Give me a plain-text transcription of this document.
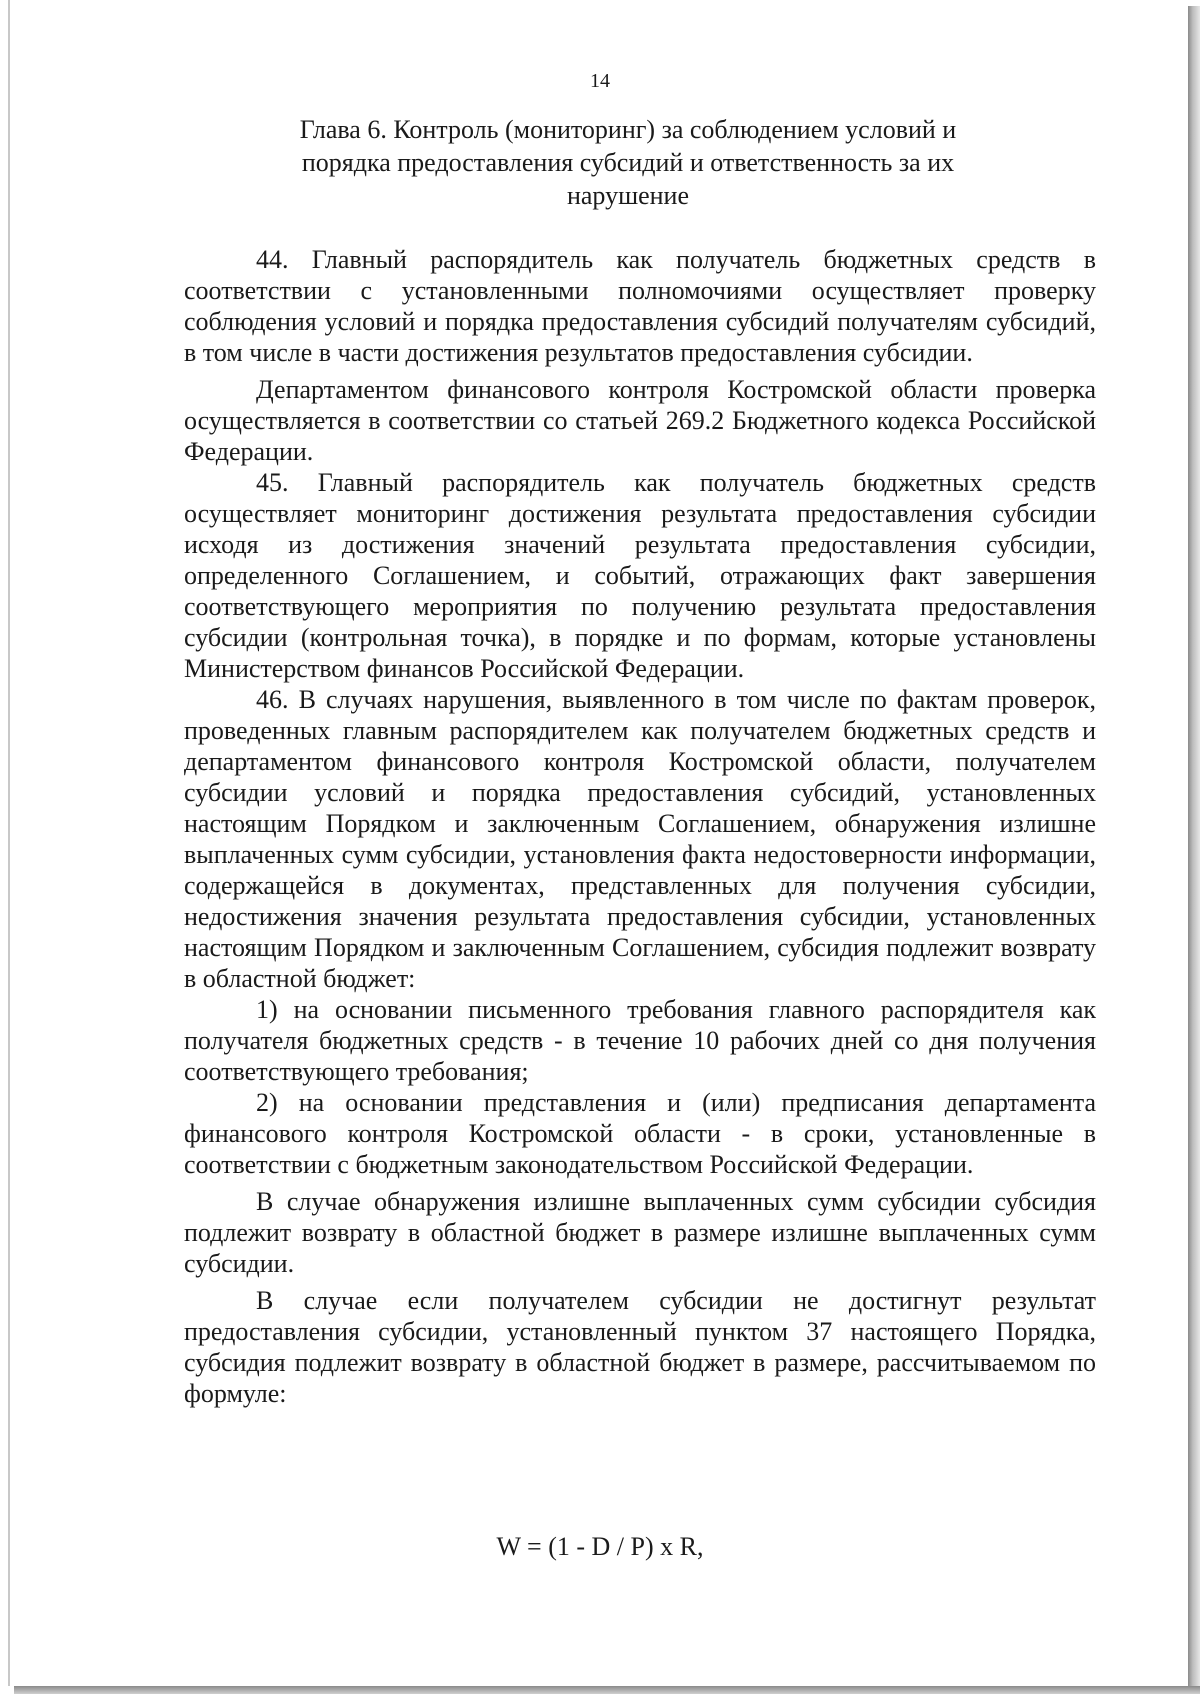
14
Глава 6. Контроль (мониторинг) за соблюдением условий и порядка предоставления субсидий и ответственность за их нарушение

44. Главный распорядитель как получатель бюджетных средств в соответствии с установленными полномочиями осуществляет проверку соблюдения условий и порядка предоставления субсидий получателям субсидий, в том числе в части достижения результатов предоставления субсидии.

Департаментом финансового контроля Костромской области проверка осуществляется в соответствии со статьей 269.2 Бюджетного кодекса Российской Федерации.

45. Главный распорядитель как получатель бюджетных средств осуществляет мониторинг достижения результата предоставления субсидии исходя из достижения значений результата предоставления субсидии, определенного Соглашением, и событий, отражающих факт завершения соответствующего мероприятия по получению результата предоставления субсидии (контрольная точка), в порядке и по формам, которые установлены Министерством финансов Российской Федерации.

46. В случаях нарушения, выявленного в том числе по фактам проверок, проведенных главным распорядителем как получателем бюджетных средств и департаментом финансового контроля Костромской области, получателем субсидии условий и порядка предоставления субсидий, установленных настоящим Порядком и заключенным Соглашением, обнаружения излишне выплаченных сумм субсидии, установления факта недостоверности информации, содержащейся в документах, представленных для получения субсидии, недостижения значения результата предоставления субсидии, установленных настоящим Порядком и заключенным Соглашением, субсидия подлежит возврату в областной бюджет:

1) на основании письменного требования главного распорядителя как получателя бюджетных средств - в течение 10 рабочих дней со дня получения соответствующего требования;

2) на основании представления и (или) предписания департамента финансового контроля Костромской области - в сроки, установленные в соответствии с бюджетным законодательством Российской Федерации.

В случае обнаружения излишне выплаченных сумм субсидии субсидия подлежит возврату в областной бюджет в размере излишне выплаченных сумм субсидии.

В случае если получателем субсидии не достигнут результат предоставления субсидии, установленный пунктом 37 настоящего Порядка, субсидия подлежит возврату в областной бюджет в размере, рассчитываемом по формуле:

W = (1 - D / P) x R,
